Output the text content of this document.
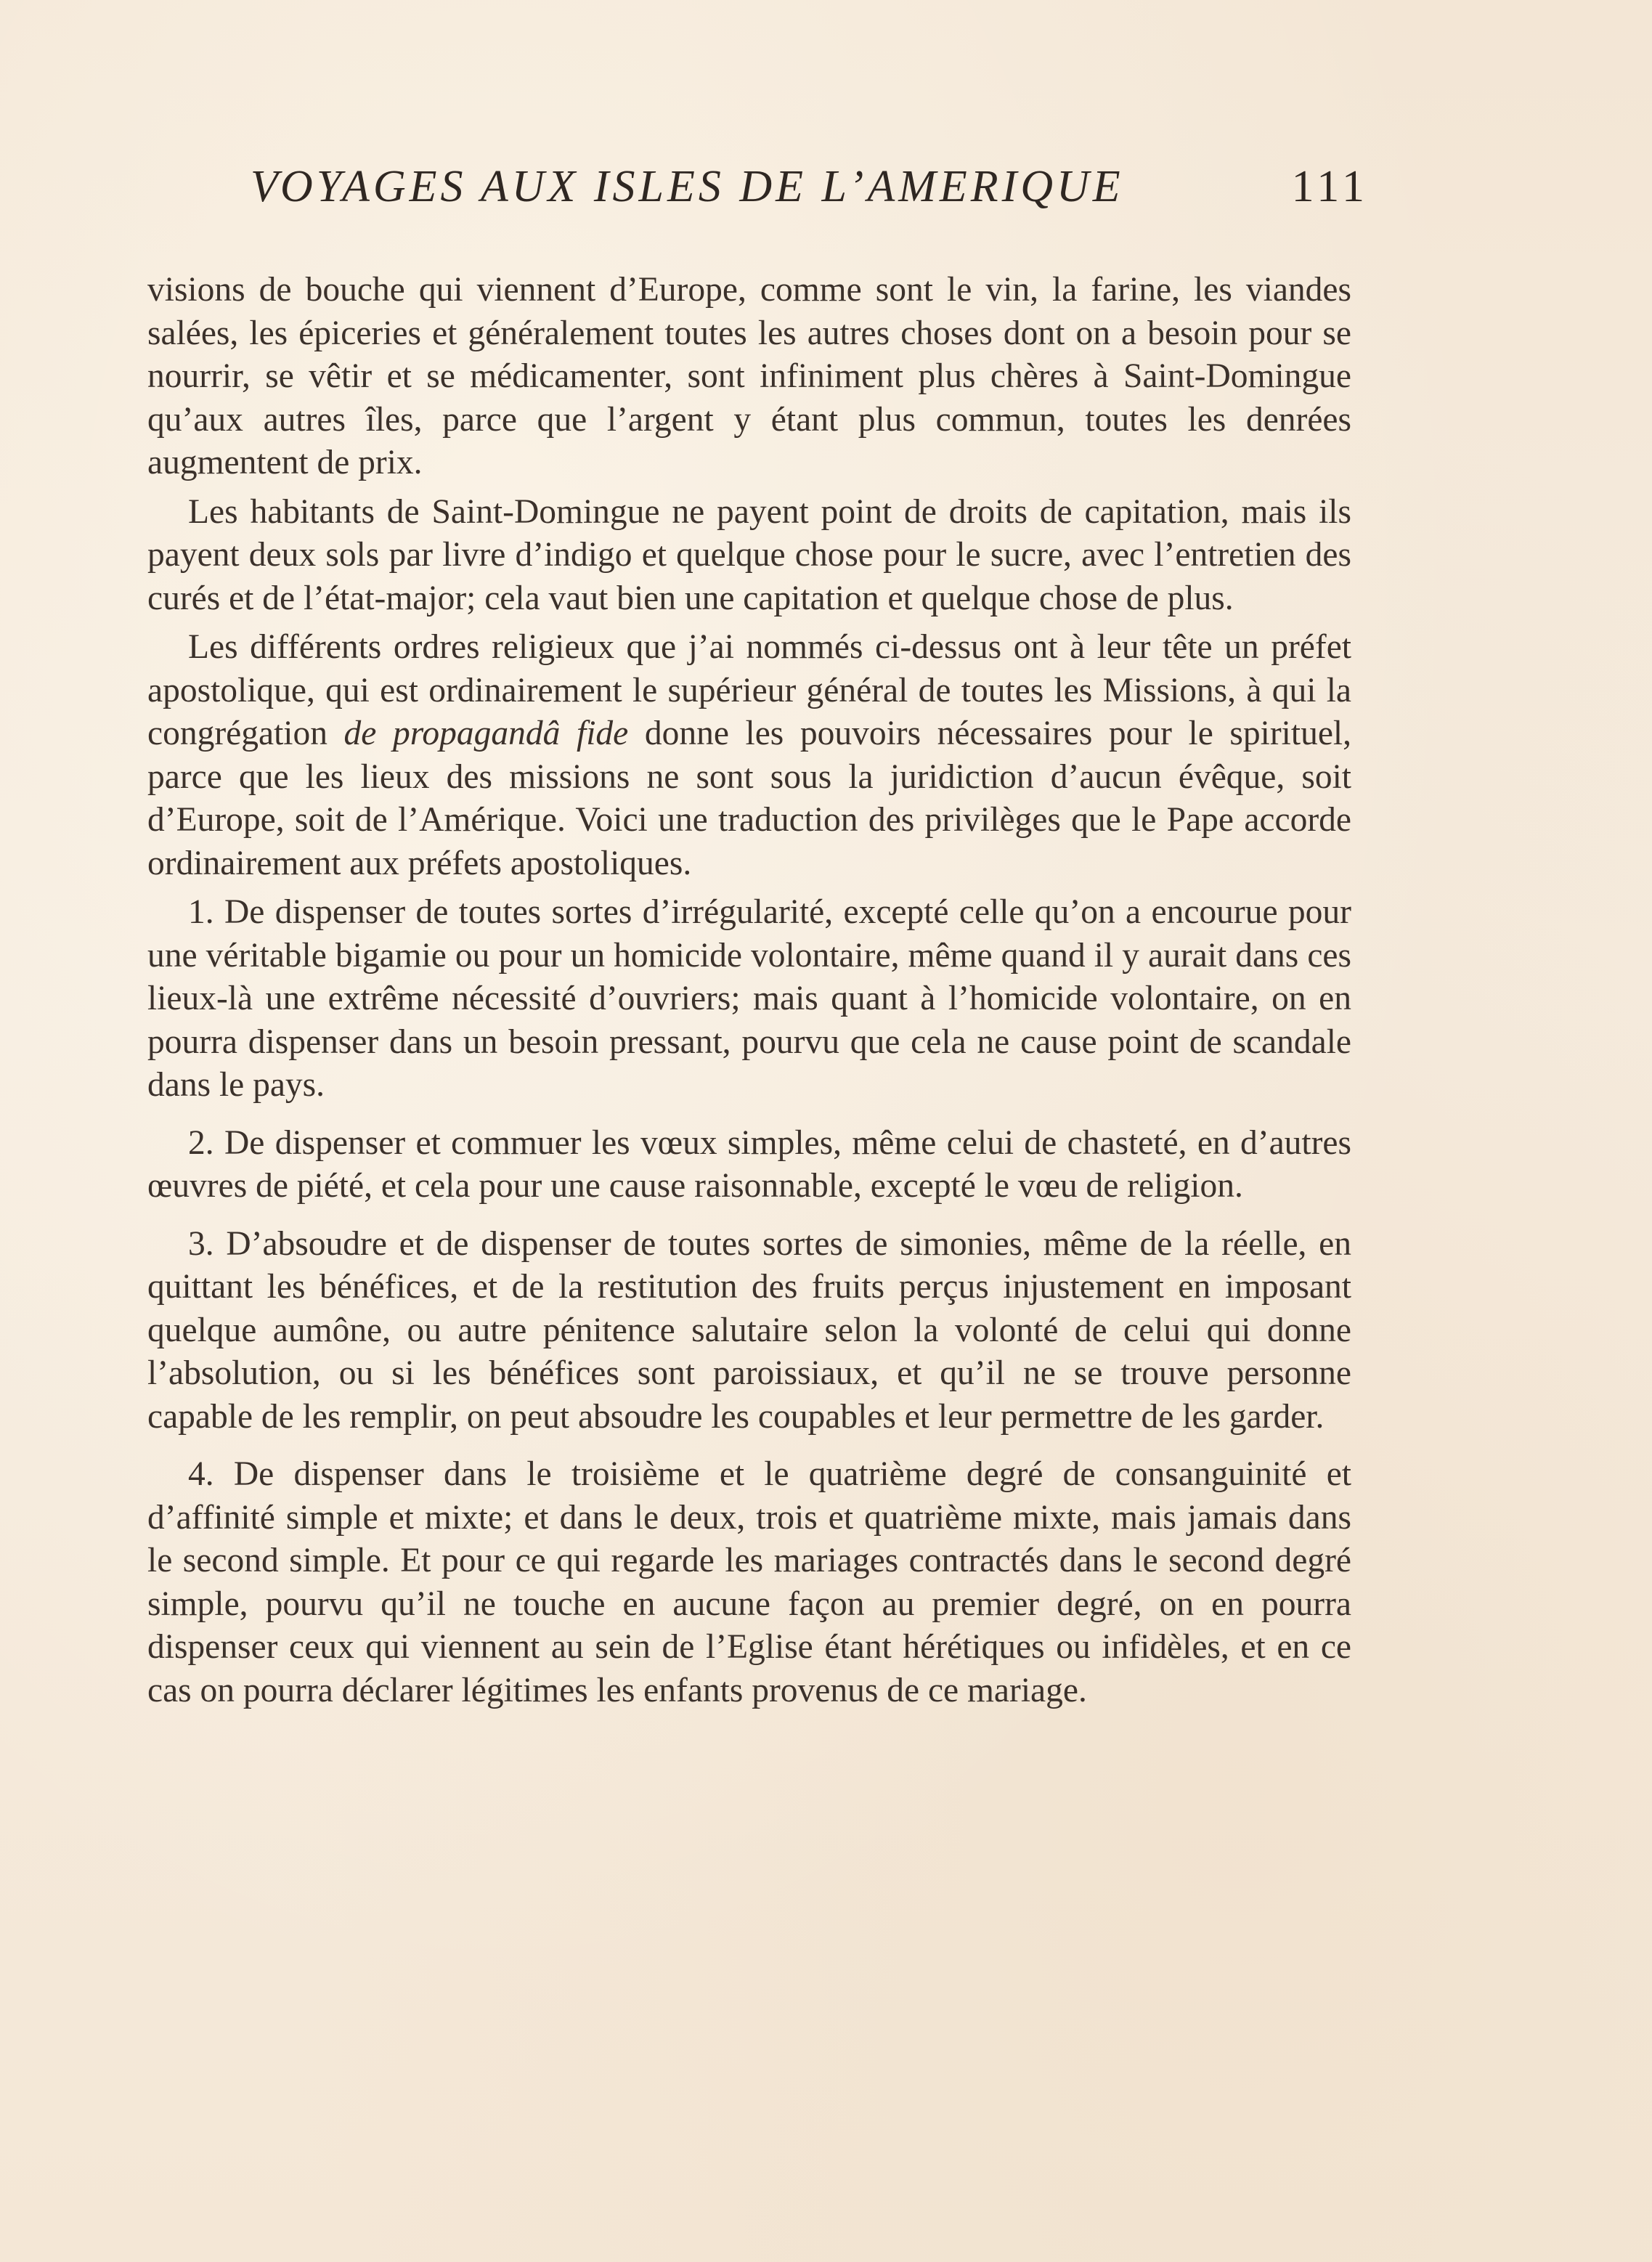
VOYAGES AUX ISLES DE L’AMERIQUE	111

visions de bouche qui viennent d’Europe, comme sont le vin, la farine, les viandes salées, les épiceries et généralement toutes les autres choses dont on a besoin pour se nourrir, se vêtir et se médicamenter, sont infiniment plus chères à Saint-Domingue qu’aux autres îles, parce que l’argent y étant plus commun, toutes les denrées augmentent de prix.

Les habitants de Saint-Domingue ne payent point de droits de capitation, mais ils payent deux sols par livre d’indigo et quelque chose pour le sucre, avec l’entretien des curés et de l’état-major; cela vaut bien une capitation et quelque chose de plus.

Les différents ordres religieux que j’ai nommés ci-dessus ont à leur tête un préfet apostolique, qui est ordinairement le supérieur général de toutes les Missions, à qui la congrégation de propagandâ fide donne les pouvoirs nécessaires pour le spirituel, parce que les lieux des missions ne sont sous la juridiction d’aucun évêque, soit d’Europe, soit de l’Amérique. Voici une traduction des privilèges que le Pape accorde ordinairement aux préfets apostoliques.

1. De dispenser de toutes sortes d’irrégularité, excepté celle qu’on a encourue pour une véritable bigamie ou pour un homicide volontaire, même quand il y aurait dans ces lieux-là une extrême nécessité d’ouvriers; mais quant à l’homicide volontaire, on en pourra dispenser dans un besoin pressant, pourvu que cela ne cause point de scandale dans le pays.

2. De dispenser et commuer les vœux simples, même celui de chasteté, en d’autres œuvres de piété, et cela pour une cause raisonnable, excepté le vœu de religion.

3. D’absoudre et de dispenser de toutes sortes de simonies, même de la réelle, en quittant les bénéfices, et de la restitution des fruits perçus injustement en imposant quelque aumône, ou autre pénitence salutaire selon la volonté de celui qui donne l’absolution, ou si les bénéfices sont paroissiaux, et qu’il ne se trouve personne capable de les remplir, on peut absoudre les coupables et leur permettre de les garder.

4. De dispenser dans le troisième et le quatrième degré de consanguinité et d’affinité simple et mixte; et dans le deux, trois et quatrième mixte, mais jamais dans le second simple. Et pour ce qui regarde les mariages contractés dans le second degré simple, pourvu qu’il ne touche en aucune façon au premier degré, on en pourra dispenser ceux qui viennent au sein de l’Eglise étant hérétiques ou infidèles, et en ce cas on pourra déclarer légitimes les enfants provenus de ce mariage.
